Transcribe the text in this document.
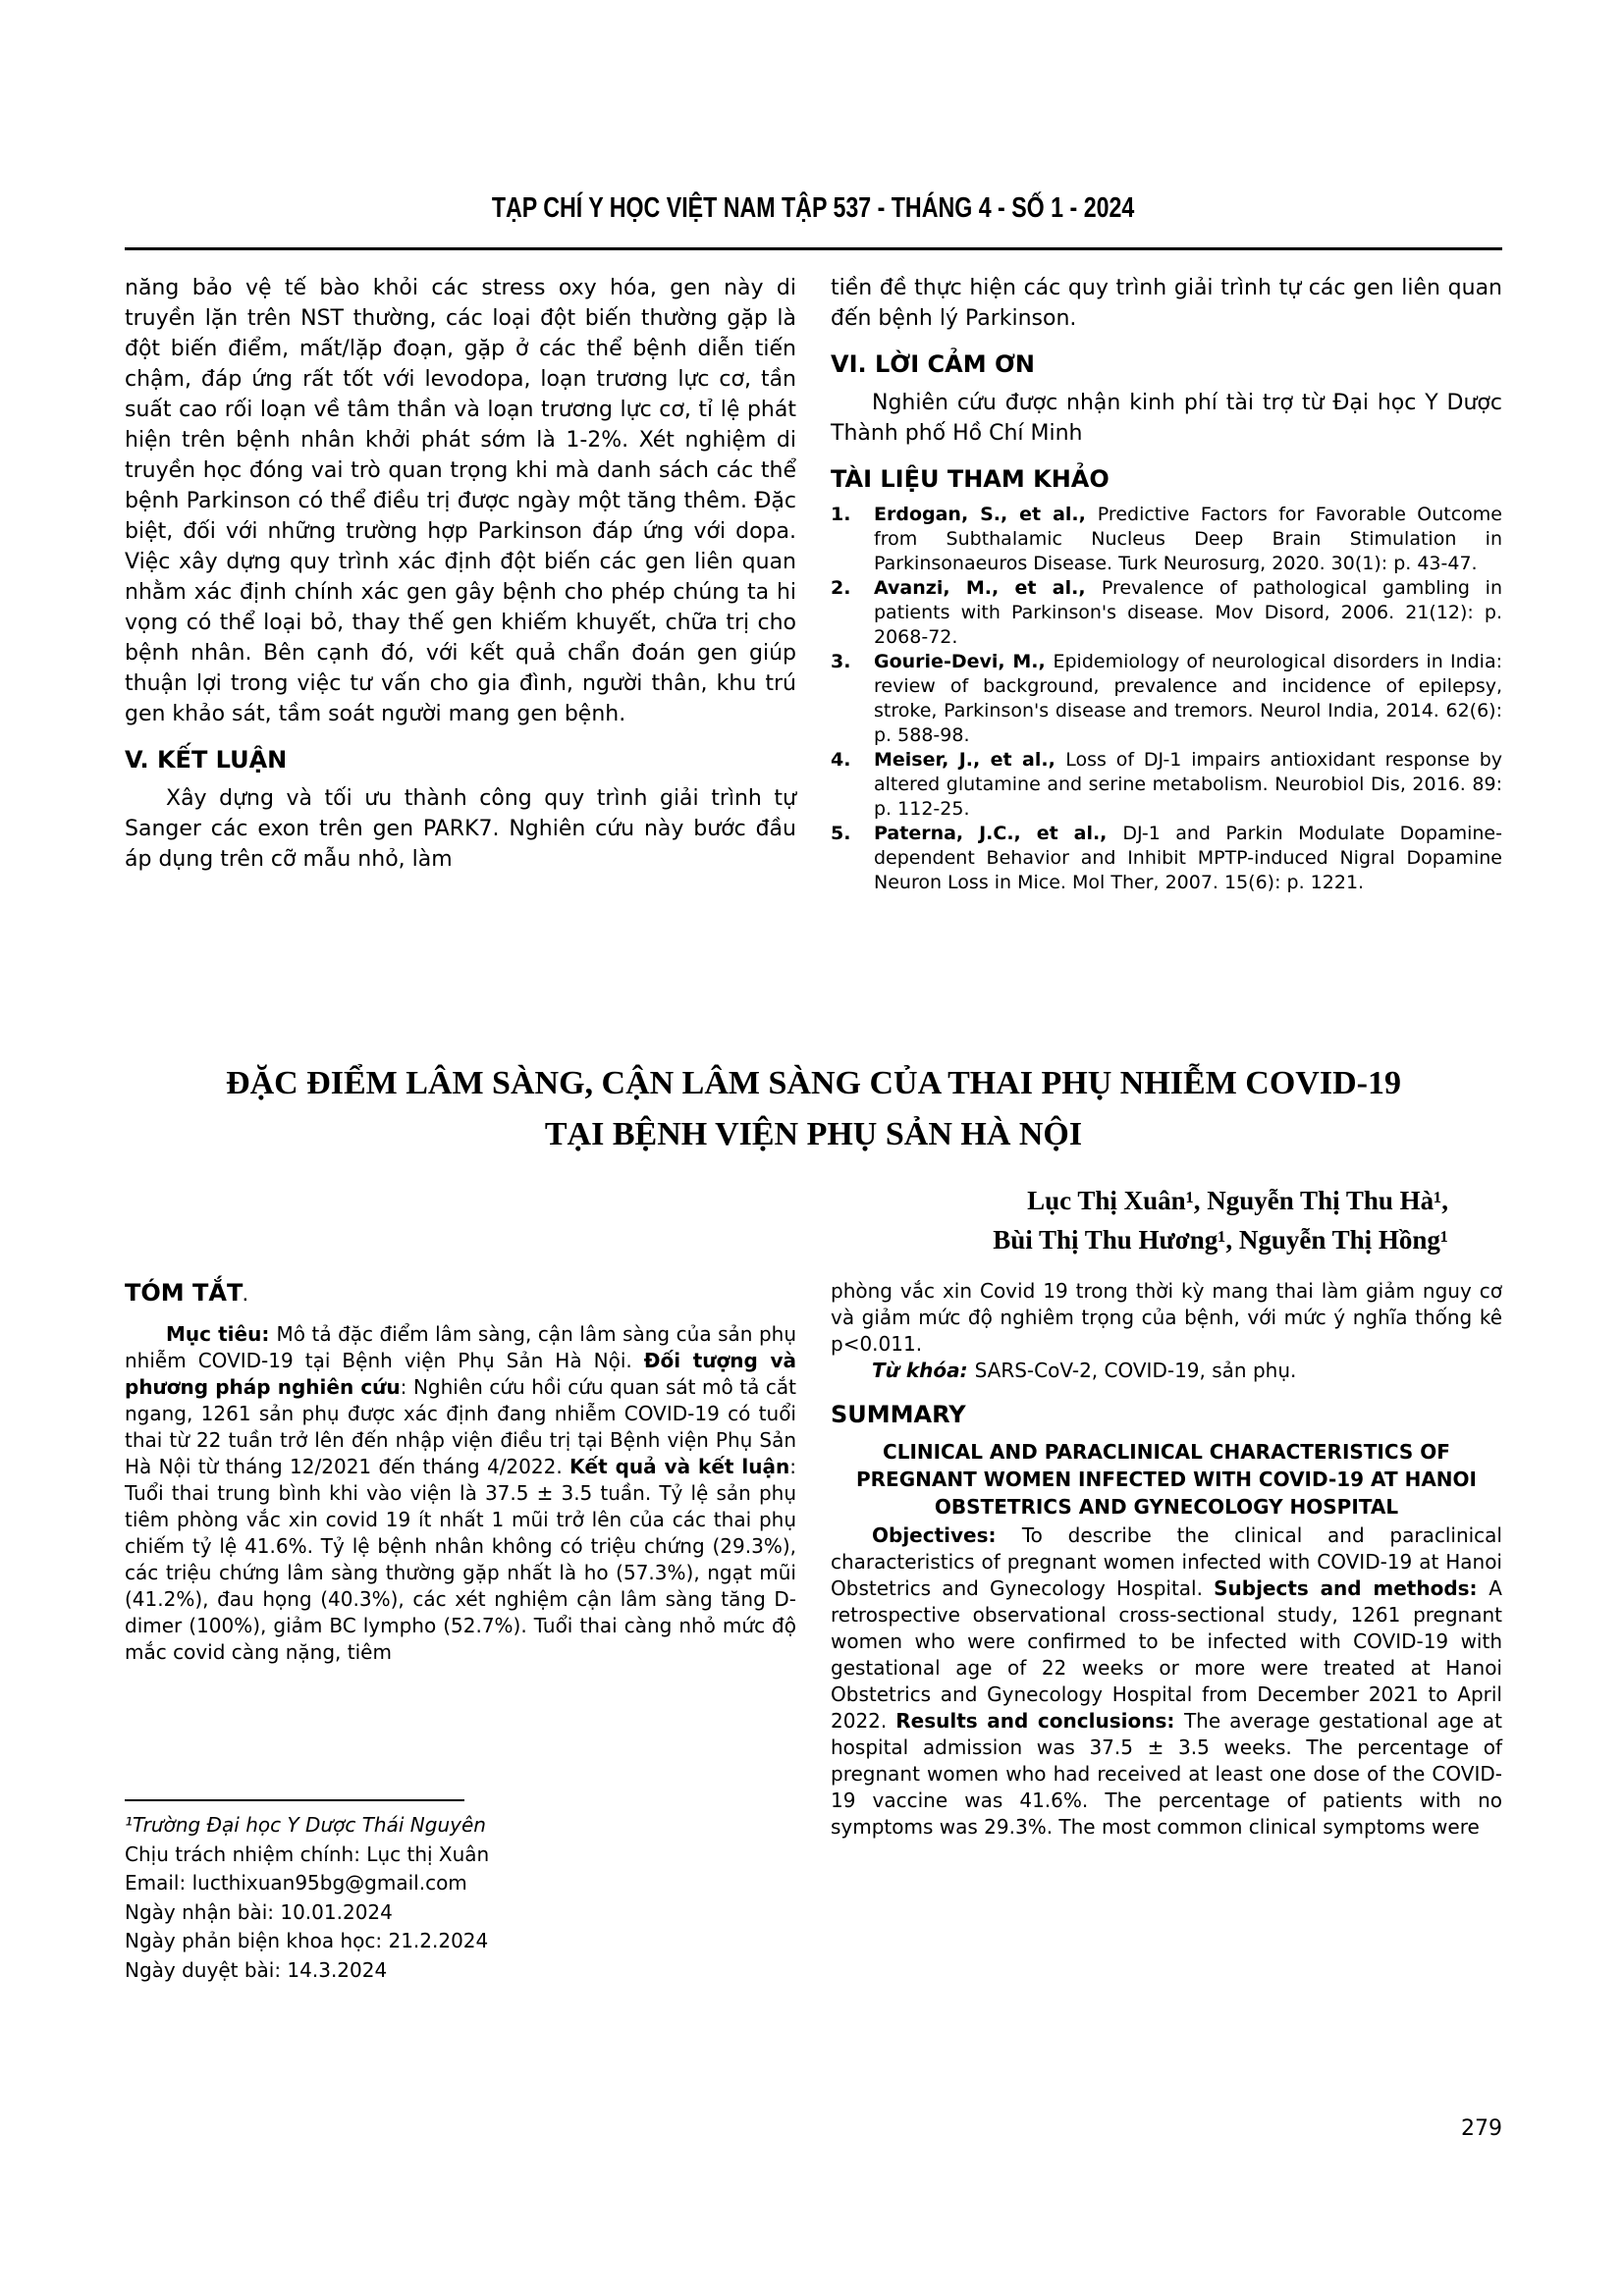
TẠP CHÍ Y HỌC VIỆT NAM TẬP 537 - THÁNG 4 - SỐ 1 - 2024

năng bảo vệ tế bào khỏi các stress oxy hóa, gen này di truyền lặn trên NST thường, các loại đột biến thường gặp là đột biến điểm, mất/lặp đoạn, gặp ở các thể bệnh diễn tiến chậm, đáp ứng rất tốt với levodopa, loạn trương lực cơ, tần suất cao rối loạn về tâm thần và loạn trương lực cơ, tỉ lệ phát hiện trên bệnh nhân khởi phát sớm là 1-2%. Xét nghiệm di truyền học đóng vai trò quan trọng khi mà danh sách các thể bệnh Parkinson có thể điều trị được ngày một tăng thêm. Đặc biệt, đối với những trường hợp Parkinson đáp ứng với dopa. Việc xây dựng quy trình xác định đột biến các gen liên quan nhằm xác định chính xác gen gây bệnh cho phép chúng ta hi vọng có thể loại bỏ, thay thế gen khiếm khuyết, chữa trị cho bệnh nhân. Bên cạnh đó, với kết quả chẩn đoán gen giúp thuận lợi trong việc tư vấn cho gia đình, người thân, khu trú gen khảo sát, tầm soát người mang gen bệnh.

V. KẾT LUẬN

Xây dựng và tối ưu thành công quy trình giải trình tự Sanger các exon trên gen PARK7. Nghiên cứu này bước đầu áp dụng trên cỡ mẫu nhỏ, làm

tiền đề thực hiện các quy trình giải trình tự các gen liên quan đến bệnh lý Parkinson.

VI. LỜI CẢM ƠN

Nghiên cứu được nhận kinh phí tài trợ từ Đại học Y Dược Thành phố Hồ Chí Minh

TÀI LIỆU THAM KHẢO
1. Erdogan, S., et al., Predictive Factors for Favorable Outcome from Subthalamic Nucleus Deep Brain Stimulation in Parkinsonaeuros Disease. Turk Neurosurg, 2020. 30(1): p. 43-47.
2. Avanzi, M., et al., Prevalence of pathological gambling in patients with Parkinson's disease. Mov Disord, 2006. 21(12): p. 2068-72.
3. Gourie-Devi, M., Epidemiology of neurological disorders in India: review of background, prevalence and incidence of epilepsy, stroke, Parkinson's disease and tremors. Neurol India, 2014. 62(6): p. 588-98.
4. Meiser, J., et al., Loss of DJ-1 impairs antioxidant response by altered glutamine and serine metabolism. Neurobiol Dis, 2016. 89: p. 112-25.
5. Paterna, J.C., et al., DJ-1 and Parkin Modulate Dopamine-dependent Behavior and Inhibit MPTP-induced Nigral Dopamine Neuron Loss in Mice. Mol Ther, 2007. 15(6): p. 1221.
ĐẶC ĐIỂM LÂM SÀNG, CẬN LÂM SÀNG CỦA THAI PHỤ NHIỄM COVID-19
TẠI BỆNH VIỆN PHỤ SẢN HÀ NỘI
Lục Thị Xuân¹, Nguyễn Thị Thu Hà¹,
Bùi Thị Thu Hương¹, Nguyễn Thị Hồng¹
TÓM TẮT.

Mục tiêu: Mô tả đặc điểm lâm sàng, cận lâm sàng của sản phụ nhiễm COVID-19 tại Bệnh viện Phụ Sản Hà Nội. Đối tượng và phương pháp nghiên cứu: Nghiên cứu hồi cứu quan sát mô tả cắt ngang, 1261 sản phụ được xác định đang nhiễm COVID-19 có tuổi thai từ 22 tuần trở lên đến nhập viện điều trị tại Bệnh viện Phụ Sản Hà Nội từ tháng 12/2021 đến tháng 4/2022. Kết quả và kết luận: Tuổi thai trung bình khi vào viện là 37.5 ± 3.5 tuần. Tỷ lệ sản phụ tiêm phòng vắc xin covid 19 ít nhất 1 mũi trở lên của các thai phụ chiếm tỷ lệ 41.6%. Tỷ lệ bệnh nhân không có triệu chứng (29.3%), các triệu chứng lâm sàng thường gặp nhất là ho (57.3%), ngạt mũi (41.2%), đau họng (40.3%), các xét nghiệm cận lâm sàng tăng D-dimer (100%), giảm BC lympho (52.7%). Tuổi thai càng nhỏ mức độ mắc covid càng nặng, tiêm

phòng vắc xin Covid 19 trong thời kỳ mang thai làm giảm nguy cơ và giảm mức độ nghiêm trọng của bệnh, với mức ý nghĩa thống kê p<0.011.

Từ khóa: SARS-CoV-2, COVID-19, sản phụ.

SUMMARY
CLINICAL AND PARACLINICAL CHARACTERISTICS OF PREGNANT WOMEN INFECTED WITH COVID-19 AT HANOI OBSTETRICS AND GYNECOLOGY HOSPITAL

Objectives: To describe the clinical and paraclinical characteristics of pregnant women infected with COVID-19 at Hanoi Obstetrics and Gynecology Hospital. Subjects and methods: A retrospective observational cross-sectional study, 1261 pregnant women who were confirmed to be infected with COVID-19 with gestational age of 22 weeks or more were treated at Hanoi Obstetrics and Gynecology Hospital from December 2021 to April 2022. Results and conclusions: The average gestational age at hospital admission was 37.5 ± 3.5 weeks. The percentage of pregnant women who had received at least one dose of the COVID-19 vaccine was 41.6%. The percentage of patients with no symptoms was 29.3%. The most common clinical symptoms were

¹Trường Đại học Y Dược Thái Nguyên
Chịu trách nhiệm chính: Lục thị Xuân
Email: lucthixuan95bg@gmail.com
Ngày nhận bài: 10.01.2024
Ngày phản biện khoa học: 21.2.2024
Ngày duyệt bài: 14.3.2024
279
